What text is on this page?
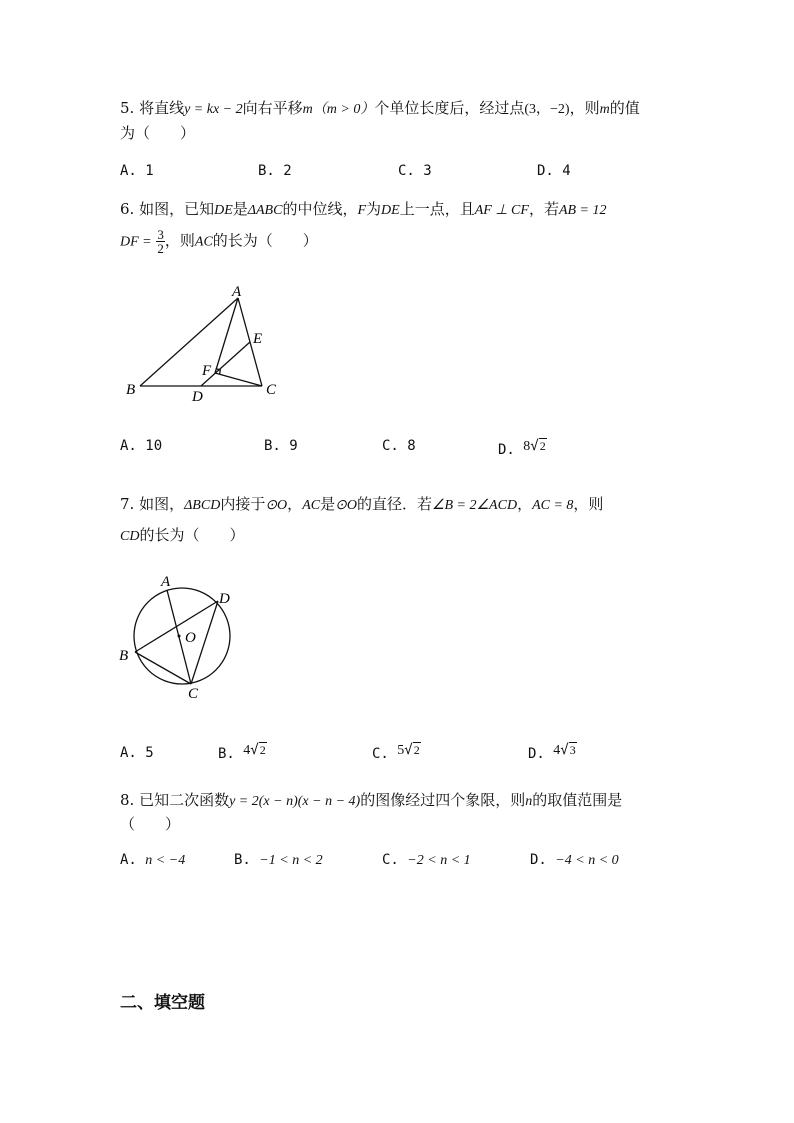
5. 将直线y = kx − 2向右平移m（m > 0）个单位长度后，经过点(3，−2)，则m的值
为（　　）
A. 1	B. 2	C. 3	D. 4
6. 如图，已知DE是ΔABC的中位线，F为DE上一点，且AF ⊥ CF，若AB = 12
DF = $\frac{3}{2}$ ，则AC的长为（　　）
A
E
F
B	D	C
A. 10	B. 9	C. 8	D. 8√2
7. 如图，ΔBCD内接于⊙O，AC是⊙O的直径．若∠B = 2∠ACD，AC = 8，则
CD的长为（　　）
A
D
O
B
C
A. 5	B. 4√2	C. 5√2	D. 4√3
8. 已知二次函数y = 2(x − n)(x − n − 4)的图像经过四个象限，则n的取值范围是
（　　）
A. n < −4	B. −1 < n < 2	C. −2 < n < 1	D. −4 < n < 0
二、填空题
